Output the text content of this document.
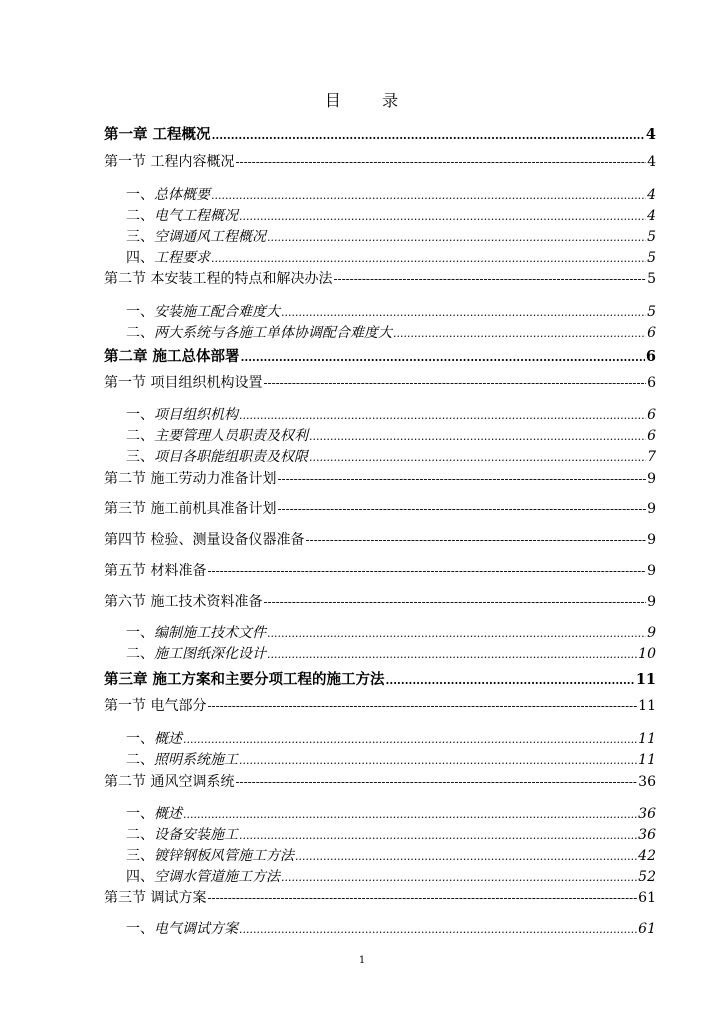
目	录
第一章 工程概况 .....	4
第一节 工程内容概况 -----	4
一、 总体概要 .....	4
二、 电气工程概况 .....	4
三、 空调通风工程概况 .....	5
四、 工程要求 .....	5
第二节 本安装工程的特点和解决办法 -----	5
一、 安装施工配合难度大 .....	5
二、 两大系统与各施工单体协调配合难度大 .....	6
第二章 施工总体部署 .....	6
第一节 项目组织机构设置 -----	6
一、 项目组织机构 .....	6
二、 主要管理人员职责及权利 .....	6
三、 项目各职能组职责及权限 .....	7
第二节 施工劳动力准备计划 -----	9
第三节 施工前机具准备计划 -----	9
第四节 检验、测量设备仪器准备 -----	9
第五节 材料准备 -----	9
第六节 施工技术资料准备 -----	9
一、 编制施工技术文件 .....	9
二、 施工图纸深化设计 .....	10
第三章 施工方案和主要分项工程的施工方法 .....	11
第一节 电气部分 -----	11
一、 概述 .....	11
二、 照明系统施工 .....	11
第二节 通风空调系统 -----	36
一、 概述 .....	36
二、 设备安装施工 .....	36
三、 镀锌钢板风管施工方法 .....	42
四、 空调水管道施工方法 .....	52
第三节 调试方案 -----	61
一、 电气调试方案 .....	61
1
